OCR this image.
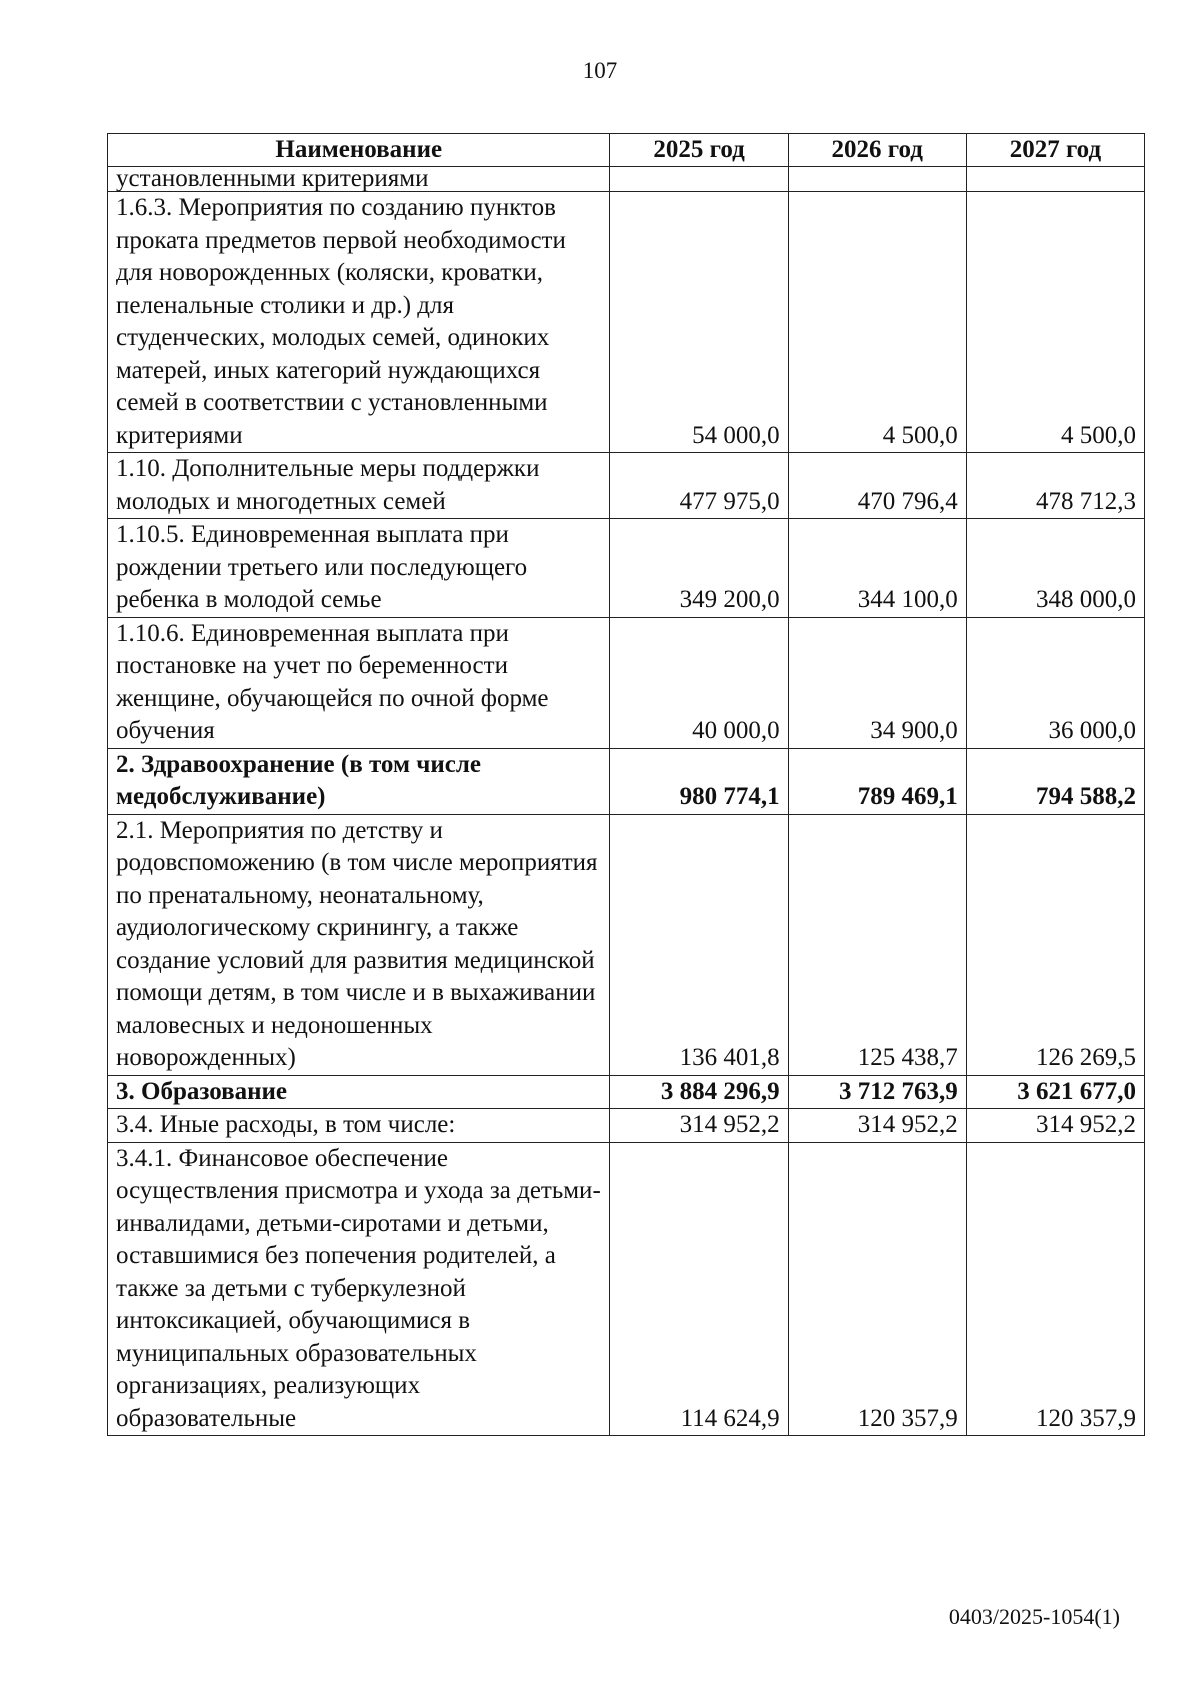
107
Наименование	2025 год	2026 год	2027 год
установленными критериями			
1.6.3. Мероприятия по созданию пунктов проката предметов первой необходимости для новорожденных (коляски, кроватки, пеленальные столики и др.) для студенческих, молодых семей, одиноких матерей, иных категорий нуждающихся семей в соответствии с установленными критериями	54 000,0	4 500,0	4 500,0
1.10. Дополнительные меры поддержки молодых и многодетных семей	477 975,0	470 796,4	478 712,3
1.10.5. Единовременная выплата при рождении третьего или последующего ребенка в молодой семье	349 200,0	344 100,0	348 000,0
1.10.6. Единовременная выплата при постановке на учет по беременности женщине, обучающейся по очной форме обучения	40 000,0	34 900,0	36 000,0
2. Здравоохранение (в том числе медобслуживание)	980 774,1	789 469,1	794 588,2
2.1. Мероприятия по детству и родовспоможению (в том числе мероприятия по пренатальному, неонатальному, аудиологическому скринингу, а также создание условий для развития медицинской помощи детям, в том числе и в выхаживании маловесных и недоношенных новорожденных)	136 401,8	125 438,7	126 269,5
3. Образование	3 884 296,9	3 712 763,9	3 621 677,0
3.4. Иные расходы, в том числе:	314 952,2	314 952,2	314 952,2
3.4.1. Финансовое обеспечение осуществления присмотра и ухода за детьми-инвалидами, детьми-сиротами и детьми, оставшимися без попечения родителей, а также за детьми с туберкулезной интоксикацией, обучающимися в муниципальных образовательных организациях, реализующих образовательные	114 624,9	120 357,9	120 357,9
0403/2025-1054(1)
